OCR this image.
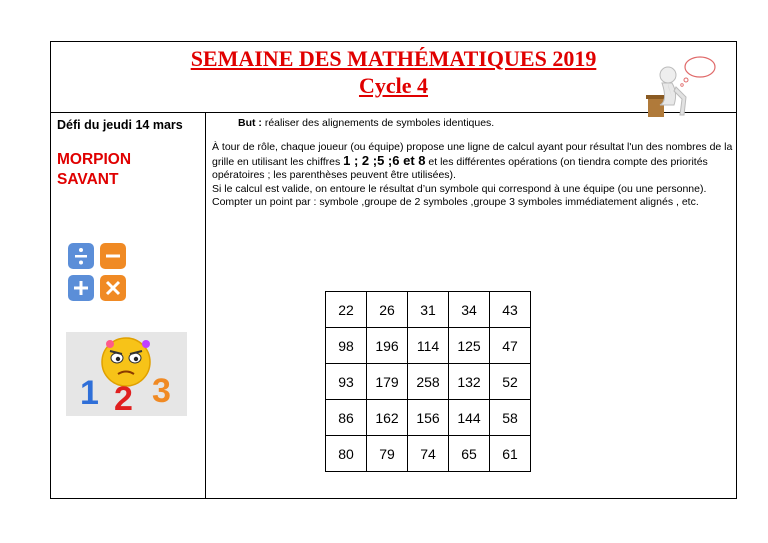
SEMAINE DES MATHÉMATIQUES 2019
Cycle 4
Défi du jeudi 14 mars
MORPION
SAVANT
1 2 3
But : réaliser des alignements de symboles identiques.

À tour de rôle, chaque joueur (ou équipe) propose une ligne de calcul ayant pour résultat l'un des nombres de la grille en utilisant les chiffres 1 ; 2 ;5 ;6 et 8 et les différentes opérations (on tiendra compte des priorités opératoires ; les parenthèses peuvent être utilisées).

Si le calcul est valide, on entoure le résultat d’un symbole qui correspond à une équipe (ou une personne).

Compter un point par : symbole ,groupe de 2 symboles ,groupe 3 symboles immédiatement alignés , etc.

22	26	31	34	43
98	196	114	125	47
93	179	258	132	52
86	162	156	144	58
80	79	74	65	61
